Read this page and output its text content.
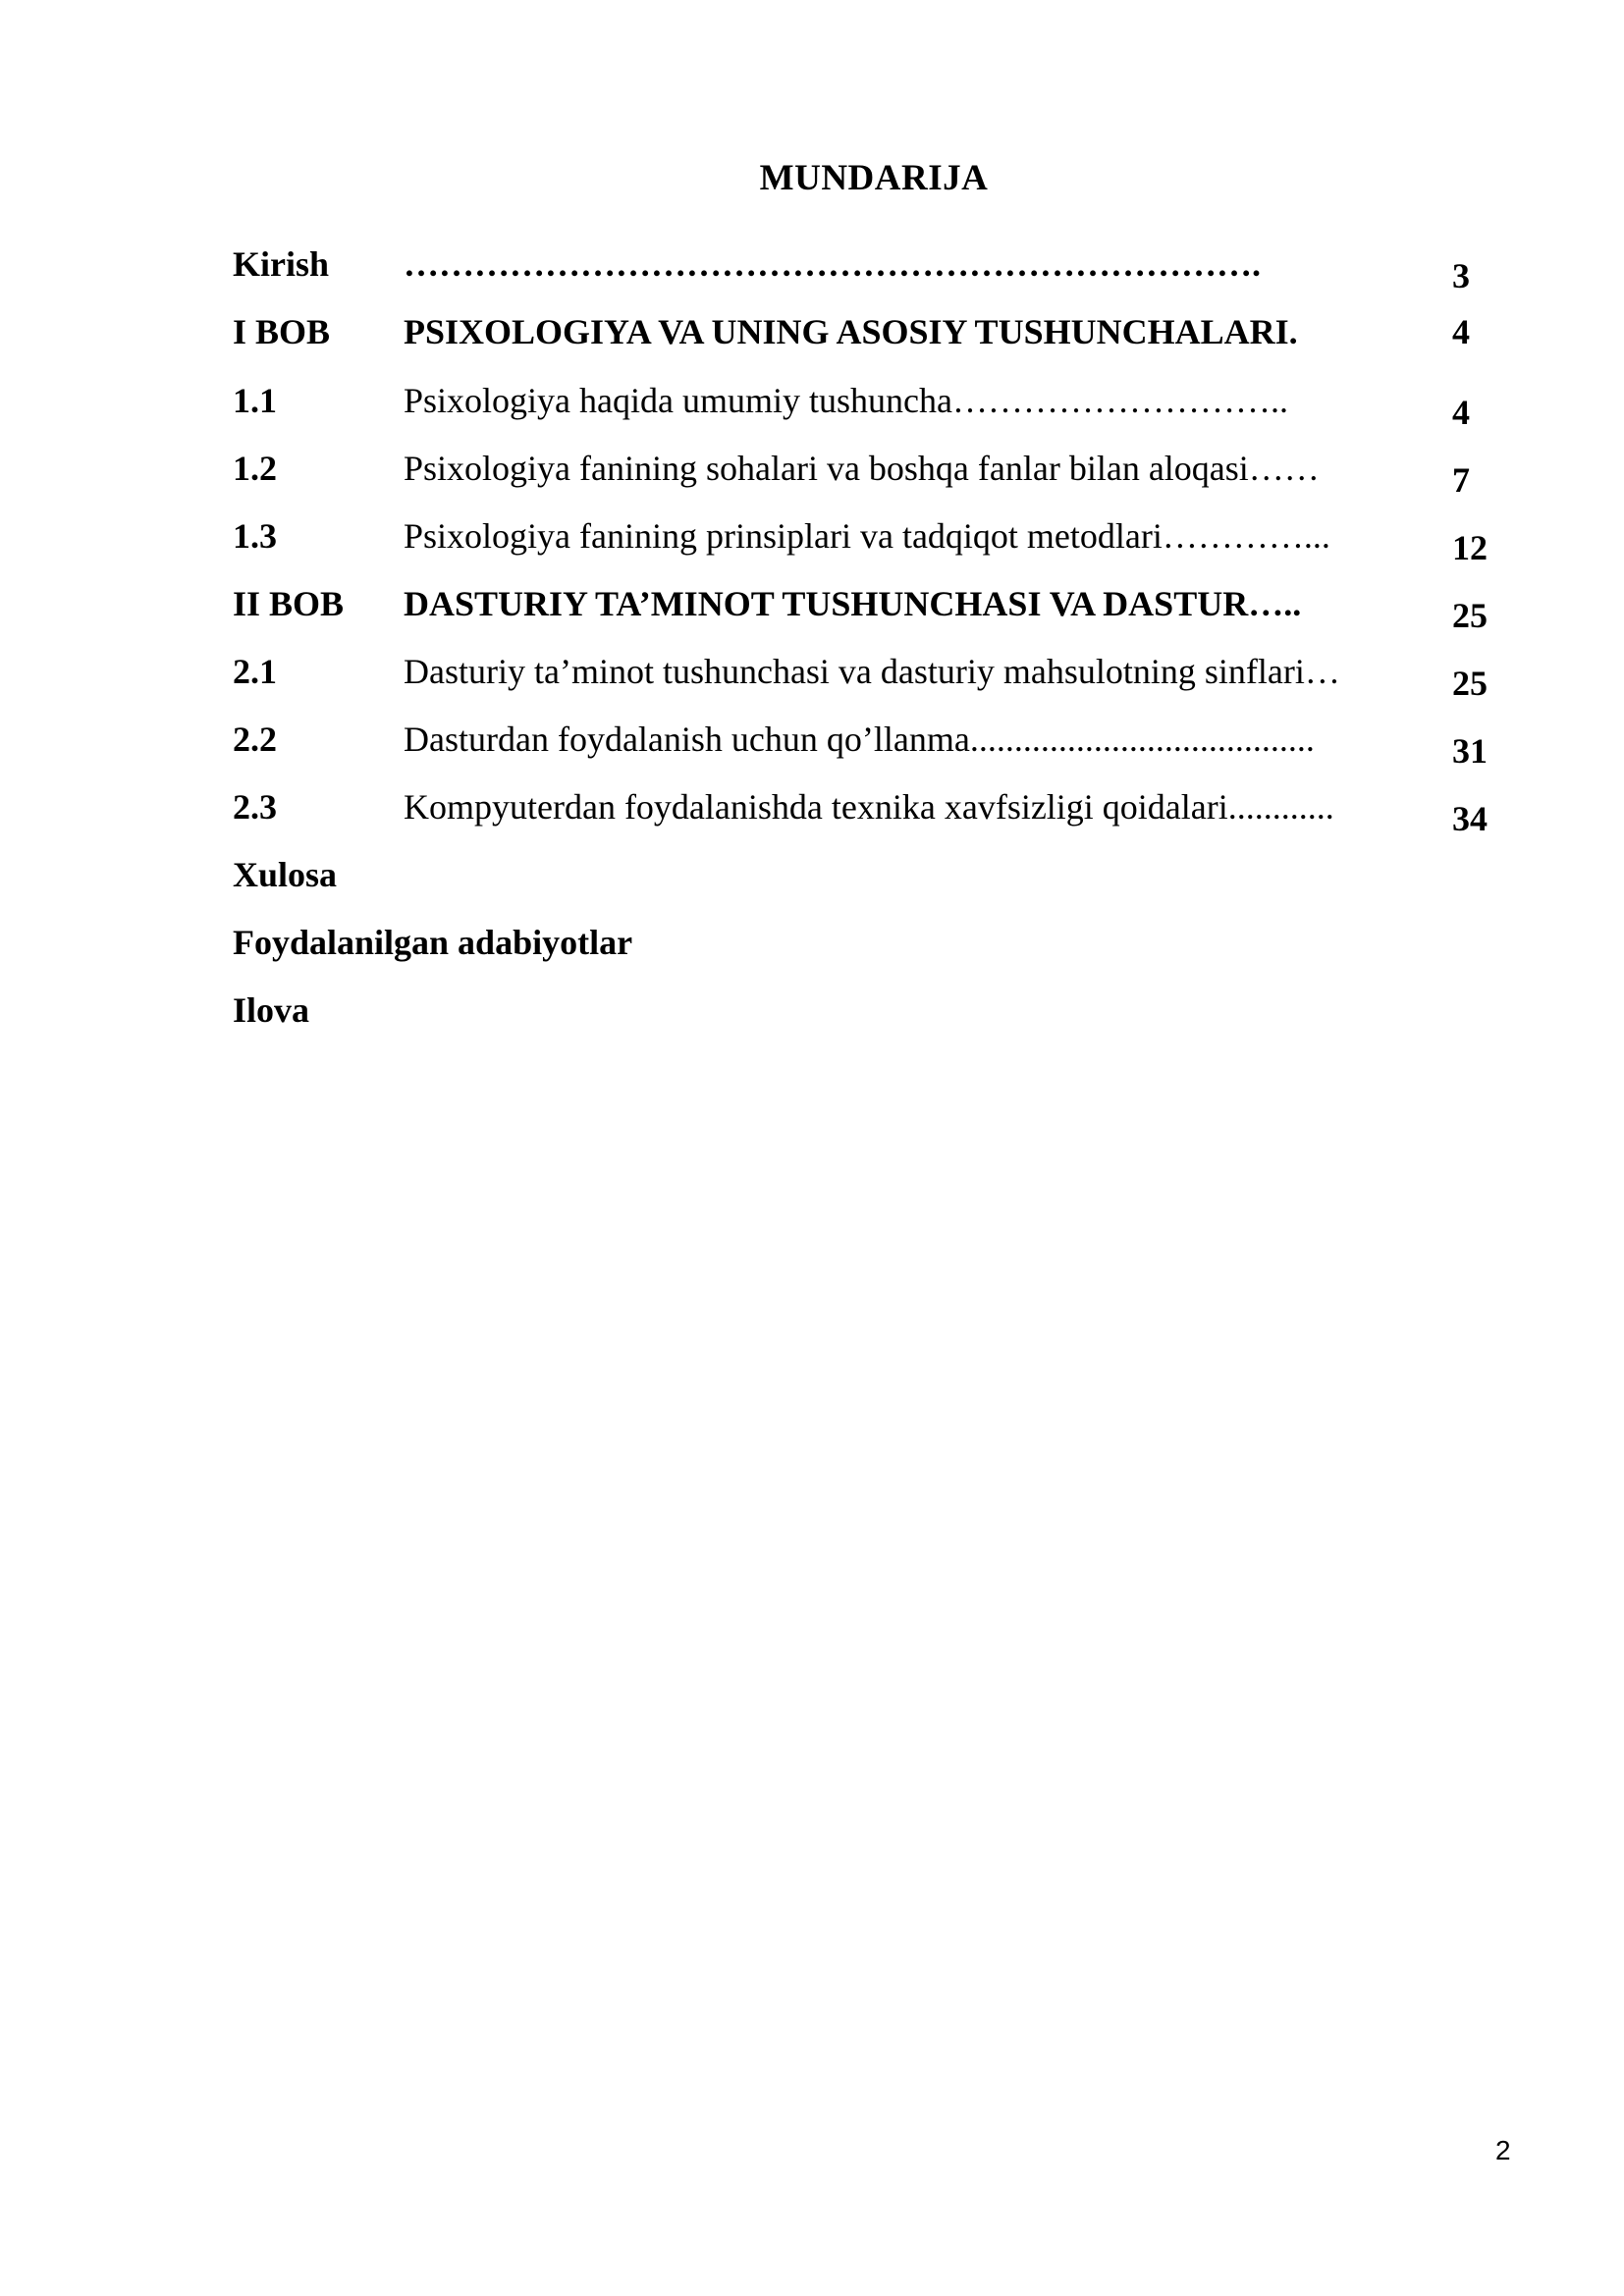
MUNDARIJA
Kirish ……………………………………………………………….	3
I BOB PSIXOLOGIYA VA UNING ASOSIY TUSHUNCHALARI.	4
1.1	Psixologiya haqida umumiy tushuncha………………………..	4
1.2	Psixologiya fanining sohalari va boshqa fanlar bilan aloqasi……	7
1.3	Psixologiya fanining prinsiplari va tadqiqot metodlari…………...	12
II BOB DASTURIY TA’MINOT TUSHUNCHASI VA DASTUR…..	25
2.1	Dasturiy ta’minot tushunchasi va dasturiy mahsulotning sinflari…	25
2.2	Dasturdan foydalanish uchun qo’llanma.......................................	31
2.3	Kompyuterdan foydalanishda texnika xavfsizligi qoidalari............	34
Xulosa
Foydalanilgan adabiyotlar
Ilova
2
